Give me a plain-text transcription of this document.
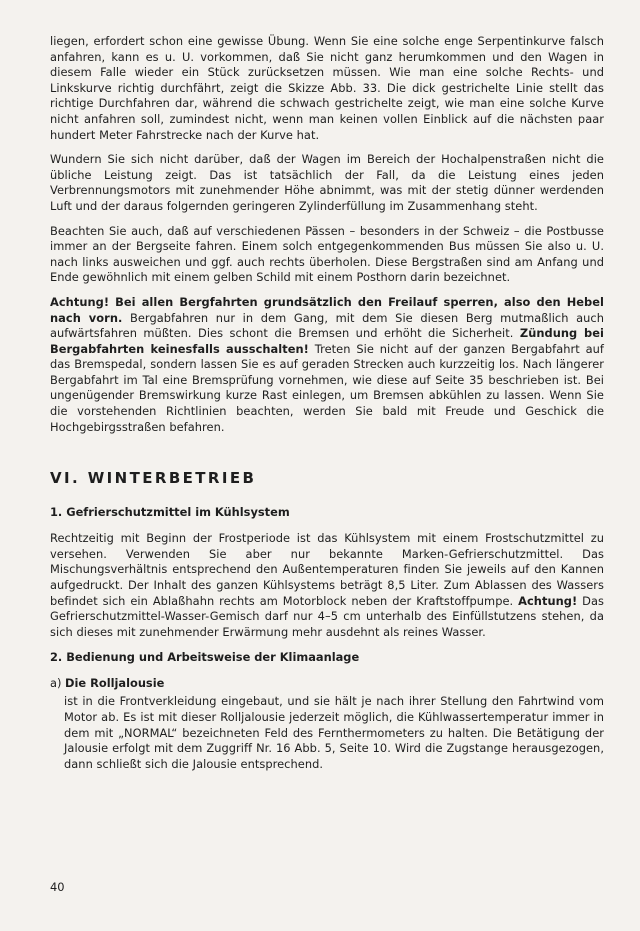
liegen, erfordert schon eine gewisse Übung. Wenn Sie eine solche enge Serpentinkurve falsch anfahren, kann es u. U. vorkommen, daß Sie nicht ganz herumkommen und den Wagen in diesem Falle wieder ein Stück zurücksetzen müssen. Wie man eine solche Rechts- und Linkskurve richtig durchfährt, zeigt die Skizze Abb. 33. Die dick gestrichelte Linie stellt das richtige Durchfahren dar, während die schwach gestrichelte zeigt, wie man eine solche Kurve nicht anfahren soll, zumindest nicht, wenn man keinen vollen Einblick auf die nächsten paar hundert Meter Fahrstrecke nach der Kurve hat.

Wundern Sie sich nicht darüber, daß der Wagen im Bereich der Hochalpenstraßen nicht die übliche Leistung zeigt. Das ist tatsächlich der Fall, da die Leistung eines jeden Verbrennungsmotors mit zunehmender Höhe abnimmt, was mit der stetig dünner werdenden Luft und der daraus folgernden geringeren Zylinderfüllung im Zusammenhang steht.

Beachten Sie auch, daß auf verschiedenen Pässen – besonders in der Schweiz – die Postbusse immer an der Bergseite fahren. Einem solch entgegenkommenden Bus müssen Sie also u. U. nach links ausweichen und ggf. auch rechts überholen. Diese Bergstraßen sind am Anfang und Ende gewöhnlich mit einem gelben Schild mit einem Posthorn darin bezeichnet.

Achtung! Bei allen Bergfahrten grundsätzlich den Freilauf sperren, also den Hebel nach vorn. Bergabfahren nur in dem Gang, mit dem Sie diesen Berg mutmaßlich auch aufwärtsfahren müßten. Dies schont die Bremsen und erhöht die Sicherheit. Zündung bei Bergabfahrten keinesfalls ausschalten! Treten Sie nicht auf der ganzen Bergabfahrt auf das Bremspedal, sondern lassen Sie es auf geraden Strecken auch kurzzeitig los. Nach längerer Bergabfahrt im Tal eine Bremsprüfung vornehmen, wie diese auf Seite 35 beschrieben ist. Bei ungenügender Bremswirkung kurze Rast einlegen, um Bremsen abkühlen zu lassen. Wenn Sie die vorstehenden Richtlinien beachten, werden Sie bald mit Freude und Geschick die Hochgebirgsstraßen befahren.

VI. WINTERBETRIEB
1. Gefrierschutzmittel im Kühlsystem

Rechtzeitig mit Beginn der Frostperiode ist das Kühlsystem mit einem Frostschutzmittel zu versehen. Verwenden Sie aber nur bekannte Marken-Gefrierschutzmittel. Das Mischungsverhältnis entsprechend den Außentemperaturen finden Sie jeweils auf den Kannen aufgedruckt. Der Inhalt des ganzen Kühlsystems beträgt 8,5 Liter. Zum Ablassen des Wassers befindet sich ein Ablaßhahn rechts am Motorblock neben der Kraftstoffpumpe. Achtung! Das Gefrierschutzmittel-Wasser-Gemisch darf nur 4–5 cm unterhalb des Einfüllstutzens stehen, da sich dieses mit zunehmender Erwärmung mehr ausdehnt als reines Wasser.

2. Bedienung und Arbeitsweise der Klimaanlage
a) Die Rolljalousie

ist in die Frontverkleidung eingebaut, und sie hält je nach ihrer Stellung den Fahrtwind vom Motor ab. Es ist mit dieser Rolljalousie jederzeit möglich, die Kühlwassertemperatur immer in dem mit „NORMAL“ bezeichneten Feld des Fernthermometers zu halten. Die Betätigung der Jalousie erfolgt mit dem Zuggriff Nr. 16 Abb. 5, Seite 10. Wird die Zugstange herausgezogen, dann schließt sich die Jalousie entsprechend.

40
